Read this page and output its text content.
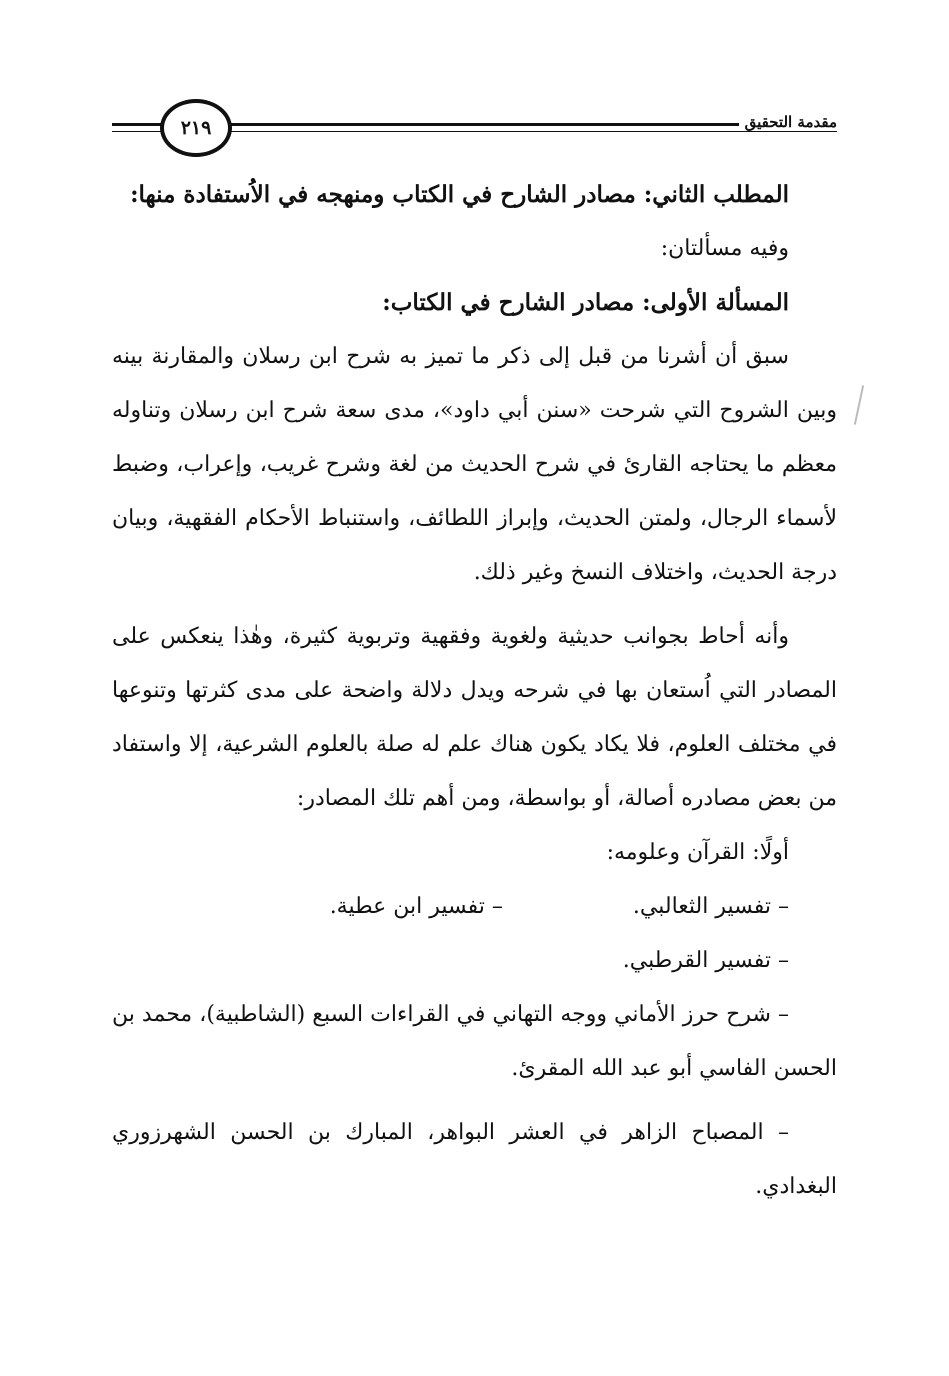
مقدمة التحقيق
٢١٩

المطلب الثاني: مصادر الشارح في الكتاب ومنهجه في الاُستفادة منها:

وفيه مسألتان:

المسألة الأولى: مصادر الشارح في الكتاب:

سبق أن أشرنا من قبل إلى ذكر ما تميز به شرح ابن رسلان والمقارنة بينه وبين الشروح التي شرحت «سنن أبي داود»، مدى سعة شرح ابن رسلان وتناوله معظم ما يحتاجه القارئ في شرح الحديث من لغة وشرح غريب، وإعراب، وضبط لأسماء الرجال، ولمتن الحديث، وإبراز اللطائف، واستنباط الأحكام الفقهية، وبيان درجة الحديث، واختلاف النسخ وغير ذلك.

وأنه أحاط بجوانب حديثية ولغوية وفقهية وتربوية كثيرة، وهٰذا ينعكس على المصادر التي اُستعان بها في شرحه ويدل دلالة واضحة على مدى كثرتها وتنوعها في مختلف العلوم، فلا يكاد يكون هناك علم له صلة بالعلوم الشرعية، إلا واستفاد من بعض مصادره أصالة، أو بواسطة، ومن أهم تلك المصادر:

أولًا: القرآن وعلومه:

– تفسير الثعالبي.
– تفسير ابن عطية.

– تفسير القرطبي.

– شرح حرز الأماني ووجه التهاني في القراءات السبع (الشاطبية)، محمد بن الحسن الفاسي أبو عبد الله المقرئ.

– المصباح الزاهر في العشر البواهر، المبارك بن الحسن الشهرزوري البغدادي.
